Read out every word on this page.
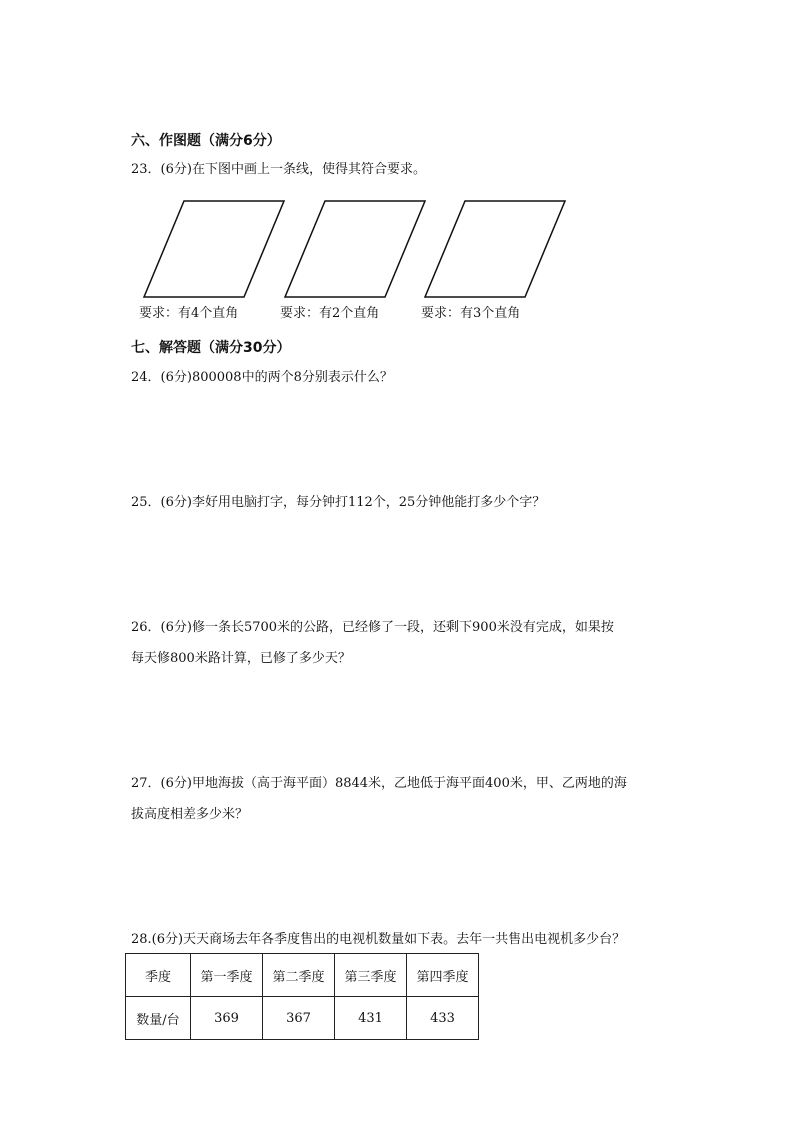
六、作图题（满分6分）
23．(6分)在下图中画上一条线，使得其符合要求。
要求：有4个直角	要求：有2个直角	要求：有3个直角
七、解答题（满分30分）
24．(6分)800008中的两个8分别表示什么？
25．(6分)李好用电脑打字，每分钟打112个，25分钟他能打多少个字？
26．(6分)修一条长5700米的公路，已经修了一段，还剩下900米没有完成，如果按
每天修800米路计算，已修了多少天？
27．(6分)甲地海拔（高于海平面）8844米，乙地低于海平面400米，甲、乙两地的海
拔高度相差多少米？
28.(6分)天天商场去年各季度售出的电视机数量如下表。去年一共售出电视机多少台？
季度	第一季度	第二季度	第三季度	第四季度
数量/台	369	367	431	433
